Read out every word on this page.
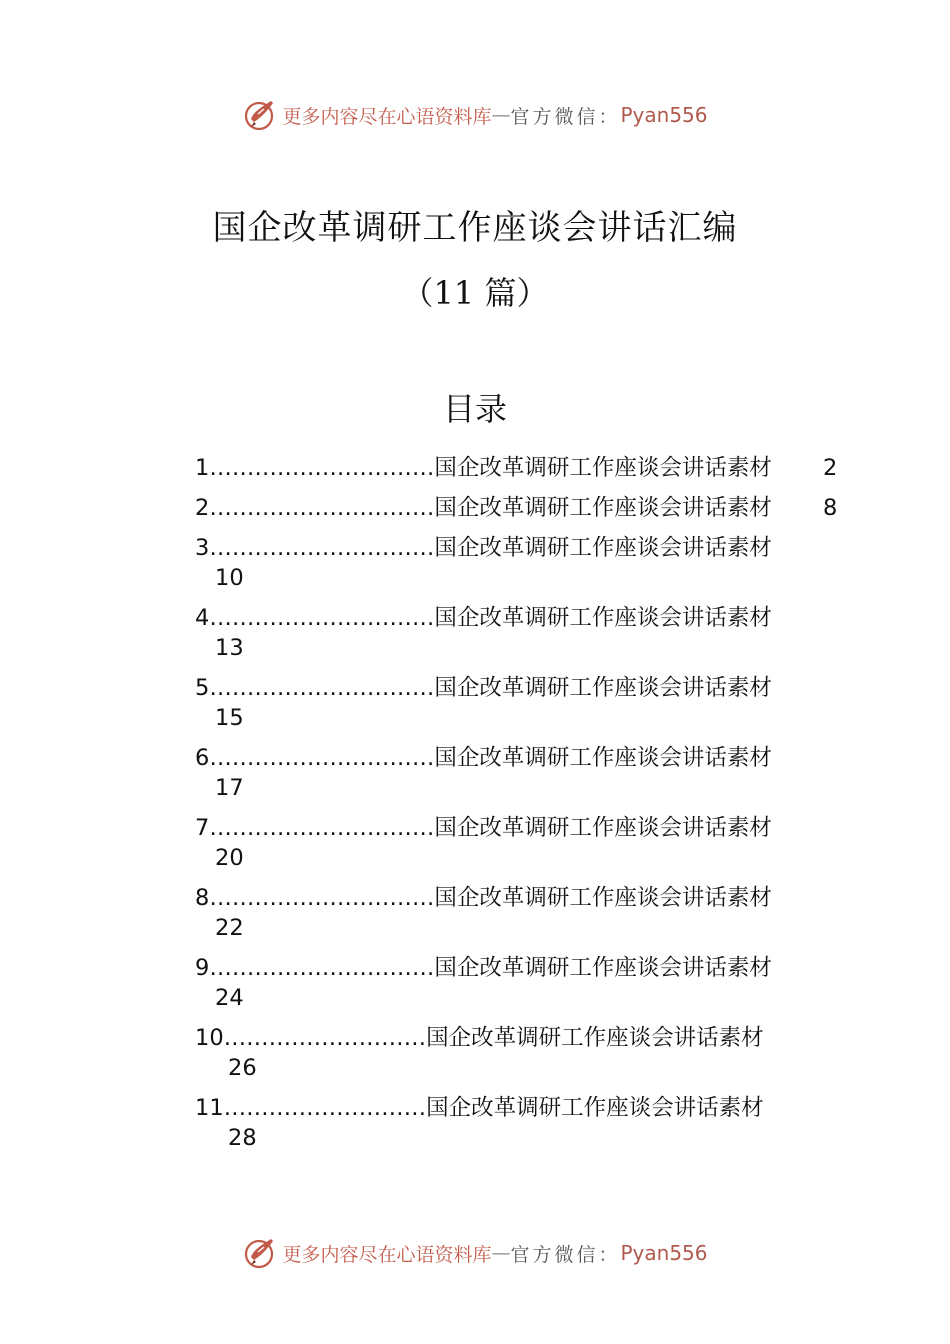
更多内容尽在心语资料库 — 官方微信： Pyan556
国企改革调研工作座谈会讲话汇编
（11 篇）
目录
1…………………………国企改革调研工作座谈会讲话素材	2
2…………………………国企改革调研工作座谈会讲话素材	8
3…………………………国企改革调研工作座谈会讲话素材
10
4…………………………国企改革调研工作座谈会讲话素材
13
5…………………………国企改革调研工作座谈会讲话素材
15
6…………………………国企改革调研工作座谈会讲话素材
17
7…………………………国企改革调研工作座谈会讲话素材
20
8…………………………国企改革调研工作座谈会讲话素材
22
9…………………………国企改革调研工作座谈会讲话素材
24
10………………………国企改革调研工作座谈会讲话素材
26
11………………………国企改革调研工作座谈会讲话素材
28
更多内容尽在心语资料库 — 官方微信： Pyan556
